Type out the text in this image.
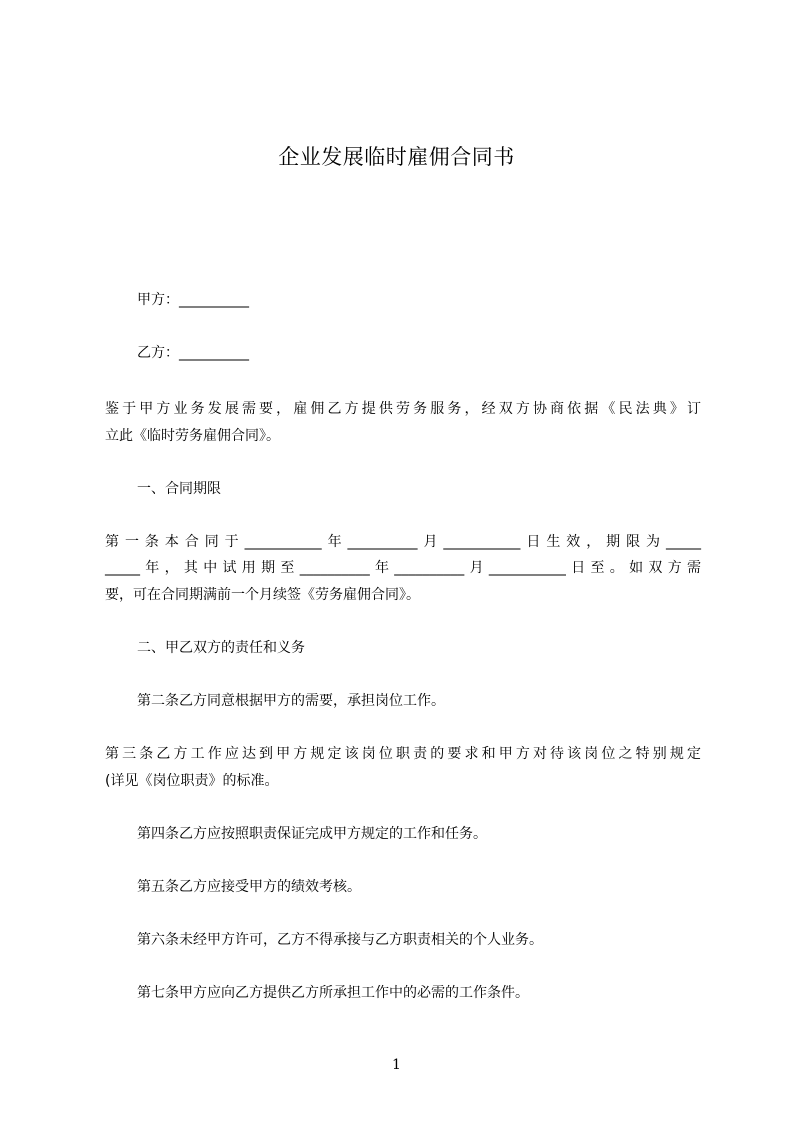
企业发展临时雇佣合同书
甲方：__________
乙方：__________
鉴于甲方业务发展需要，雇佣乙方提供劳务服务，经双方协商依据《民法典》订
立此《临时劳务雇佣合同》。
一、合同期限
第一条本合同于___________年__________月___________日生效，期限为_____
_____年，其中试用期至__________年__________月___________日至。如双方需
要，可在合同期满前一个月续签《劳务雇佣合同》。
二、甲乙双方的责任和义务
第二条乙方同意根据甲方的需要，承担岗位工作。
第三条乙方工作应达到甲方规定该岗位职责的要求和甲方对待该岗位之特别规定
(详见《岗位职责》的标准。
第四条乙方应按照职责保证完成甲方规定的工作和任务。
第五条乙方应接受甲方的绩效考核。
第六条未经甲方许可，乙方不得承接与乙方职责相关的个人业务。
第七条甲方应向乙方提供乙方所承担工作中的必需的工作条件。
1
